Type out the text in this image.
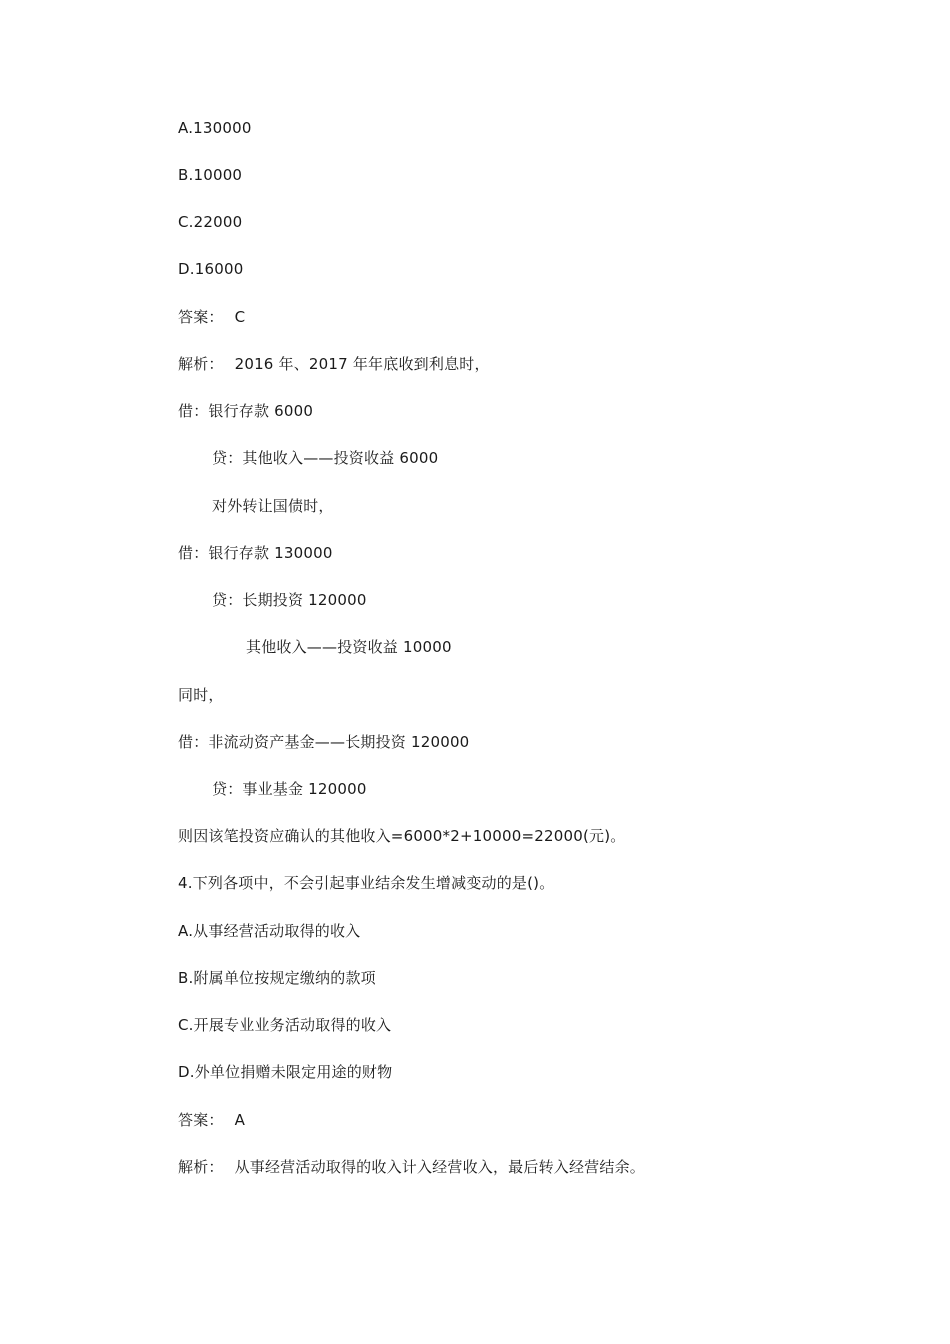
A.130000
B.10000
C.22000
D.16000
答案： C
解析： 2016 年、2017 年年底收到利息时，
借：银行存款 6000
贷：其他收入——投资收益 6000
对外转让国债时，
借：银行存款 130000
贷：长期投资 120000
其他收入——投资收益 10000
同时，
借：非流动资产基金——长期投资 120000
贷：事业基金 120000
则因该笔投资应确认的其他收入=6000*2+10000=22000(元)。
4.下列各项中，不会引起事业结余发生增减变动的是()。
A.从事经营活动取得的收入
B.附属单位按规定缴纳的款项
C.开展专业业务活动取得的收入
D.外单位捐赠未限定用途的财物
答案： A
解析： 从事经营活动取得的收入计入经营收入，最后转入经营结余。
